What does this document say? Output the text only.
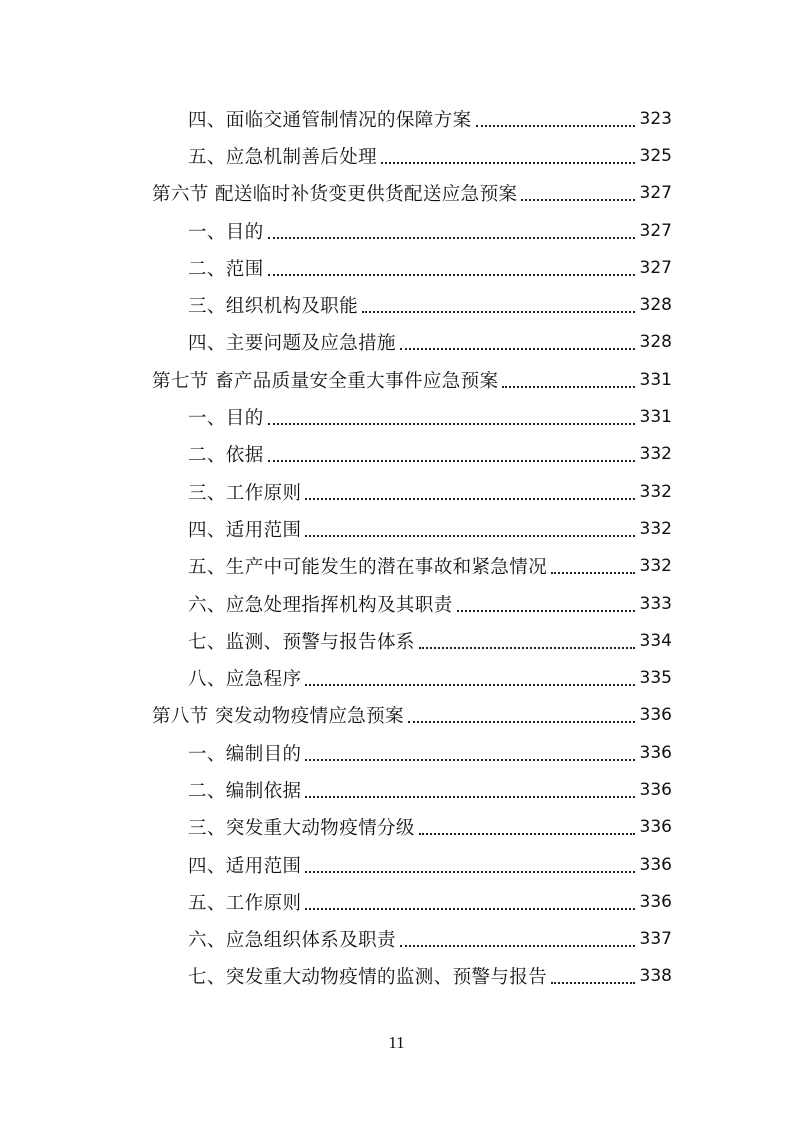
四、面临交通管制情况的保障方案	323
五、应急机制善后处理	325
第六节 配送临时补货变更供货配送应急预案	327
一、目的	327
二、范围	327
三、组织机构及职能	328
四、主要问题及应急措施	328
第七节 畜产品质量安全重大事件应急预案	331
一、目的	331
二、依据	332
三、工作原则	332
四、适用范围	332
五、生产中可能发生的潜在事故和紧急情况	332
六、应急处理指挥机构及其职责	333
七、监测、预警与报告体系	334
八、应急程序	335
第八节 突发动物疫情应急预案	336
一、编制目的	336
二、编制依据	336
三、突发重大动物疫情分级	336
四、适用范围	336
五、工作原则	336
六、应急组织体系及职责	337
七、突发重大动物疫情的监测、预警与报告	338
11
